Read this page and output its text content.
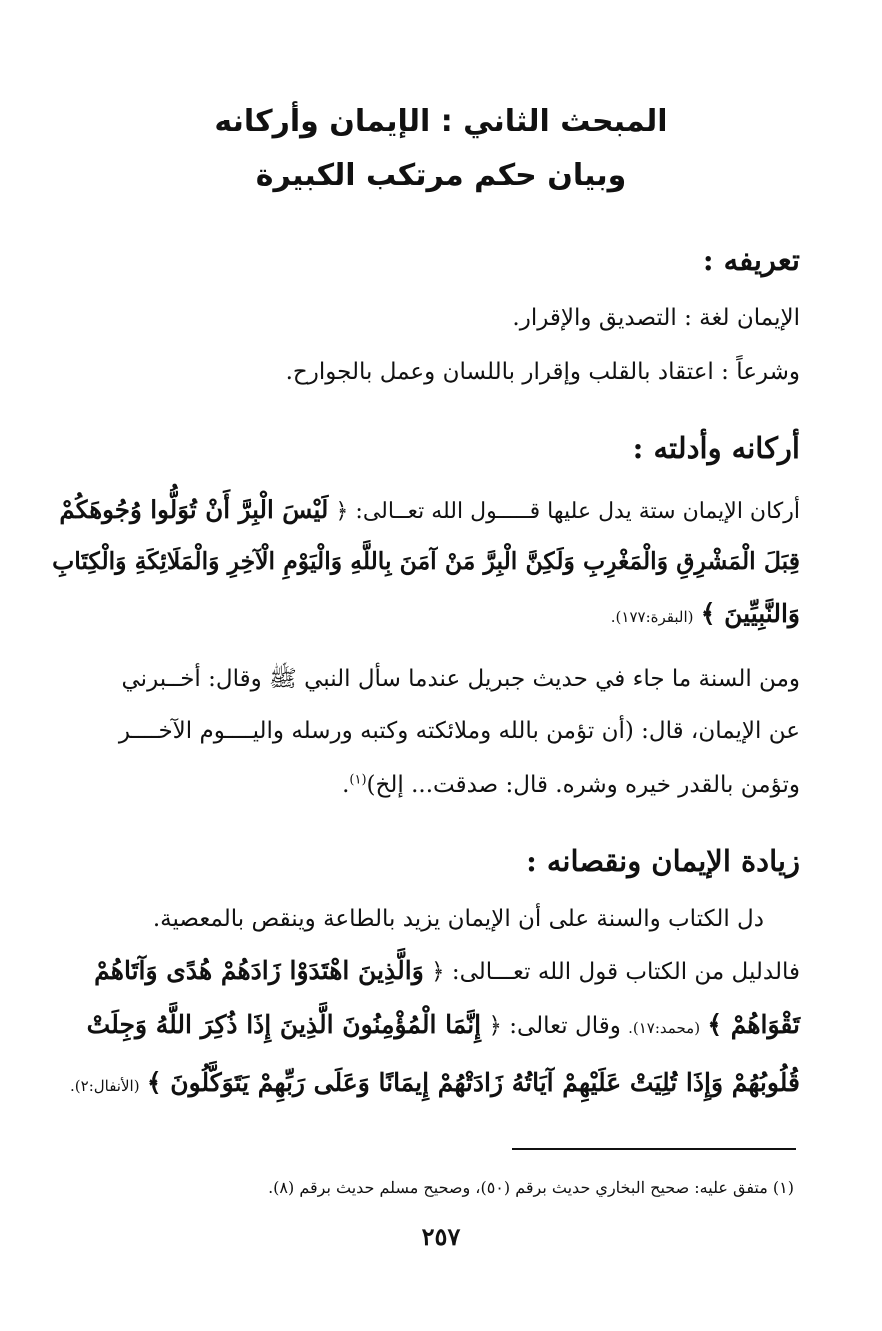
المبحث الثاني : الإيمان وأركانه
وبيان حكم مرتكب الكبيرة
تعريفه :
الإيمان لغة : التصديق والإقرار.
وشرعاً : اعتقاد بالقلب وإقرار باللسان وعمل بالجوارح.
أركانه وأدلته :
أركان الإيمان ستة يدل عليها قـــــول الله تعــالى: ﴿ لَيْسَ الْبِرَّ أَنْ تُوَلُّوا وُجُوهَكُمْ
قِبَلَ الْمَشْرِقِ وَالْمَغْرِبِ وَلَكِنَّ الْبِرَّ مَنْ آمَنَ بِاللَّهِ وَالْيَوْمِ الْآخِرِ وَالْمَلَائِكَةِ وَالْكِتَابِ
وَالنَّبِيِّينَ ﴾ (البقرة:١٧٧).
ومن السنة ما جاء في حديث جبريل عندما سأل النبي ﷺ وقال: أخــبرني
عن الإيمان، قال: (أن تؤمن بالله وملائكته وكتبه ورسله واليــــوم الآخــــر
وتؤمن بالقدر خيره وشره. قال: صدقت... إلخ)$^{(١)}$.
زيادة الإيمان ونقصانه :
دل الكتاب والسنة على أن الإيمان يزيد بالطاعة وينقص بالمعصية.
فالدليل من الكتاب قول الله تعـــالى: ﴿ وَالَّذِينَ اهْتَدَوْا زَادَهُمْ هُدًى وَآتَاهُمْ
تَقْوَاهُمْ ﴾ (محمد:١٧). وقال تعالى: ﴿ إِنَّمَا الْمُؤْمِنُونَ الَّذِينَ إِذَا ذُكِرَ اللَّهُ وَجِلَتْ
قُلُوبُهُمْ وَإِذَا تُلِيَتْ عَلَيْهِمْ آيَاتُهُ زَادَتْهُمْ إِيمَانًا وَعَلَى رَبِّهِمْ يَتَوَكَّلُونَ ﴾ (الأنفال:٢).
(١) متفق عليه: صحيح البخاري حديث برقم (٥٠)، وصحيح مسلم حديث برقم (٨).
٢٥٧
